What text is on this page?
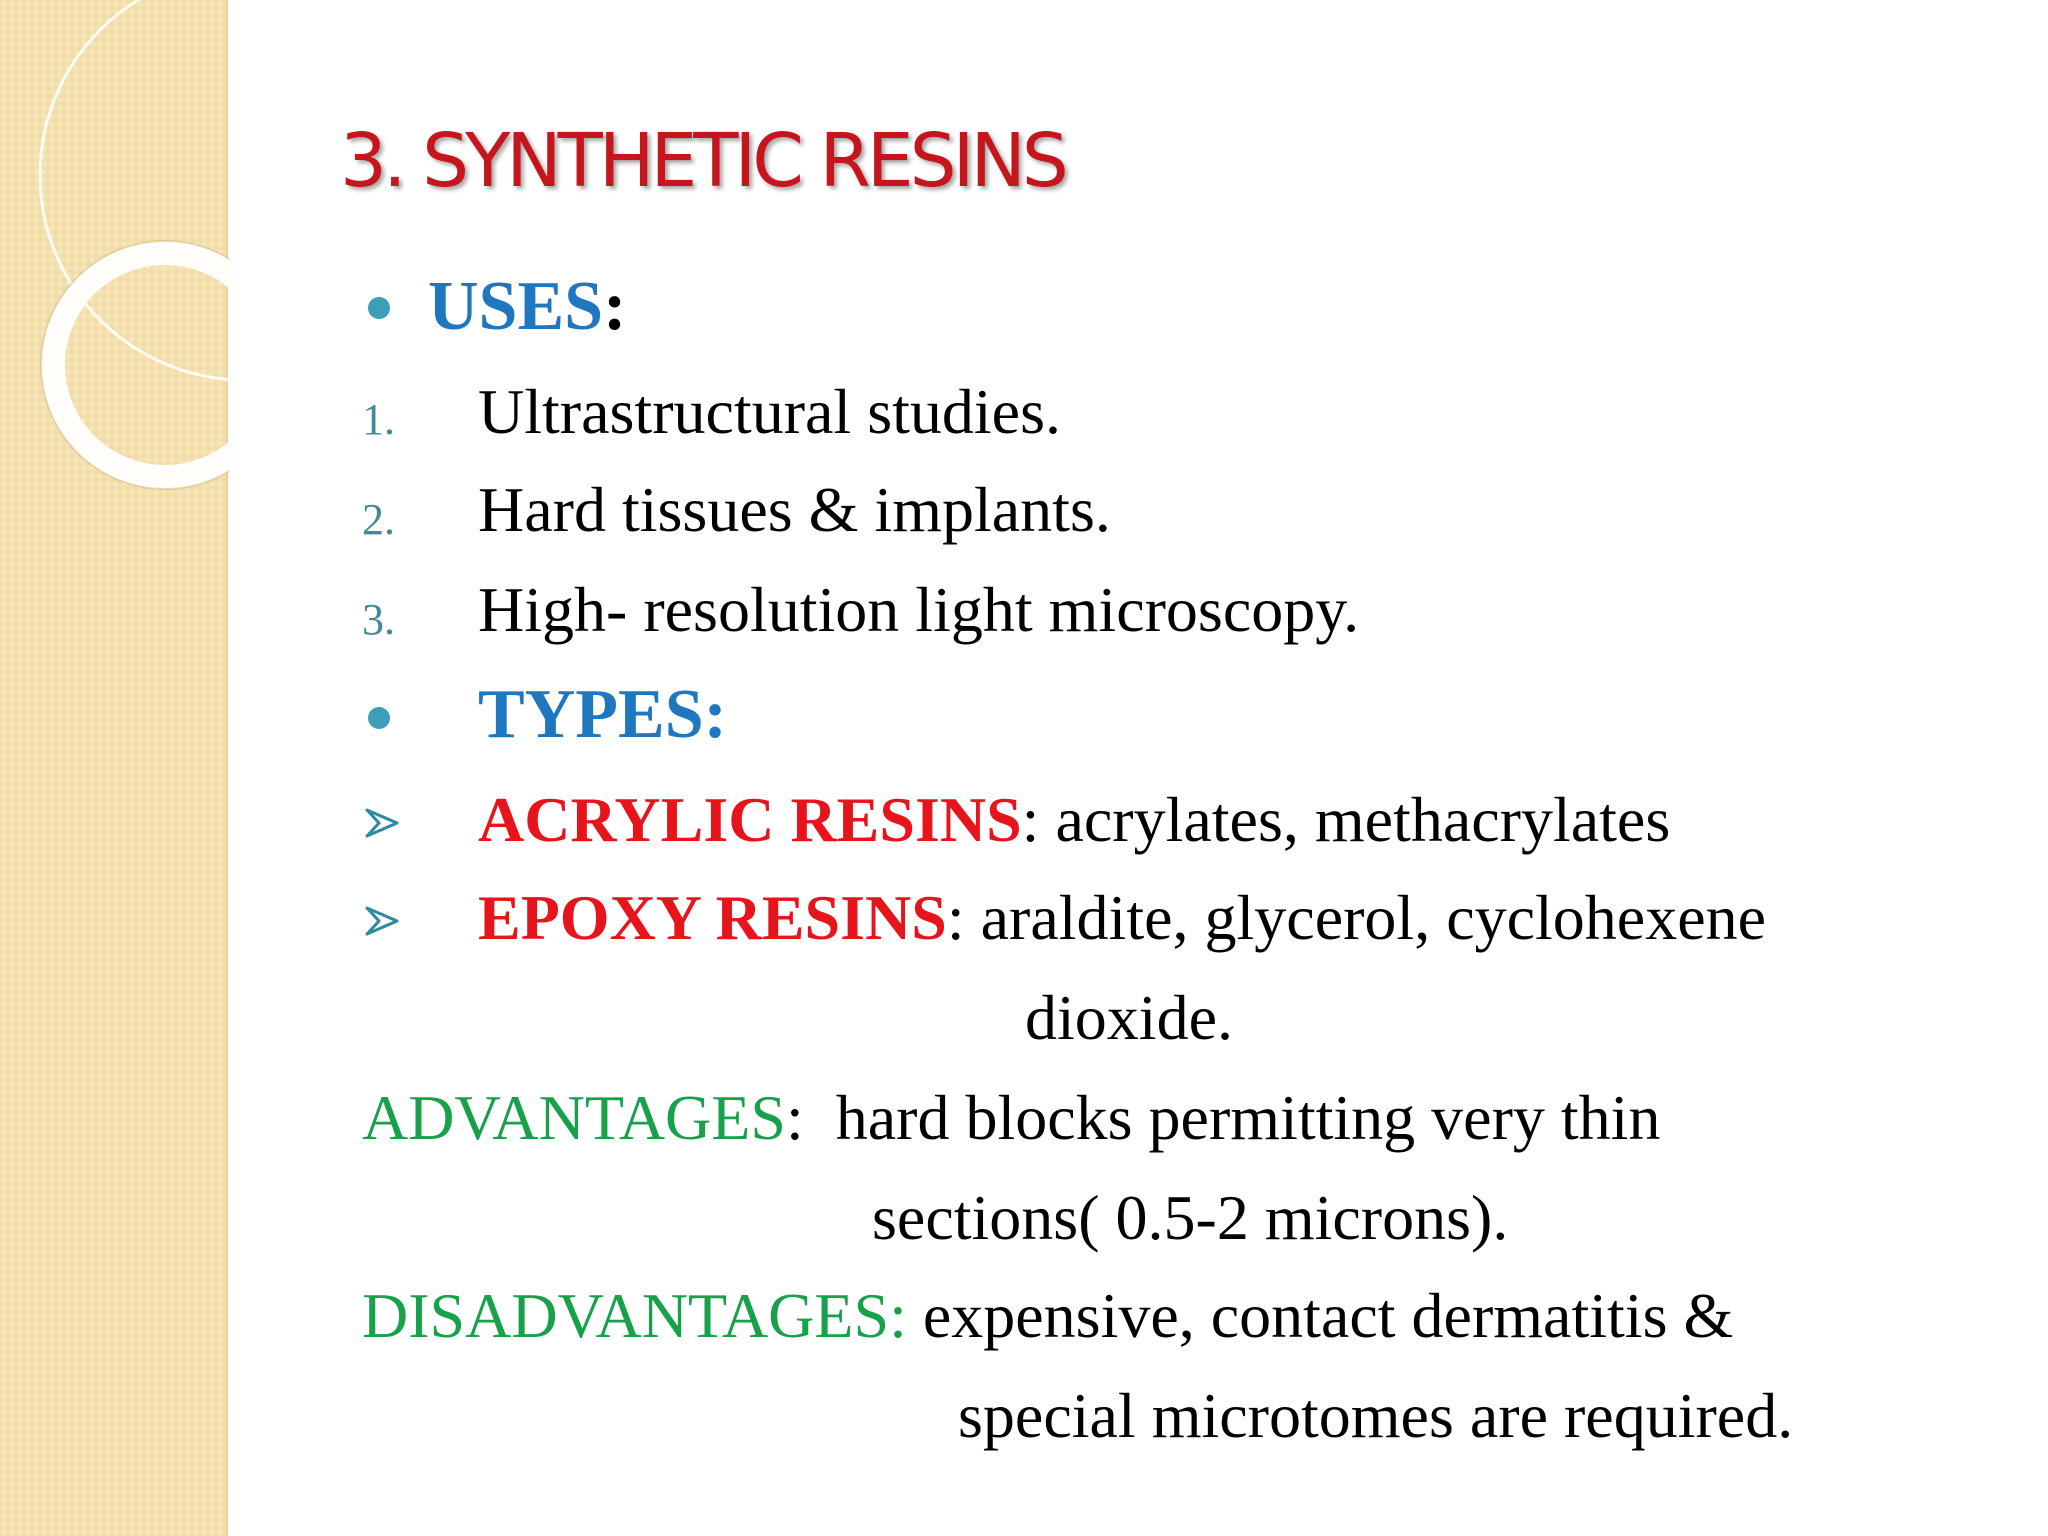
3. SYNTHETIC RESINS
USES:
1. Ultrastructural studies.
2. Hard tissues & implants.
3. High- resolution light microscopy.
TYPES:
ACRYLIC RESINS: acrylates, methacrylates
EPOXY RESINS: araldite, glycerol, cyclohexene
dioxide.
ADVANTAGES:  hard blocks permitting very thin
sections( 0.5-2 microns).
DISADVANTAGES: expensive, contact dermatitis &
special microtomes are required.
